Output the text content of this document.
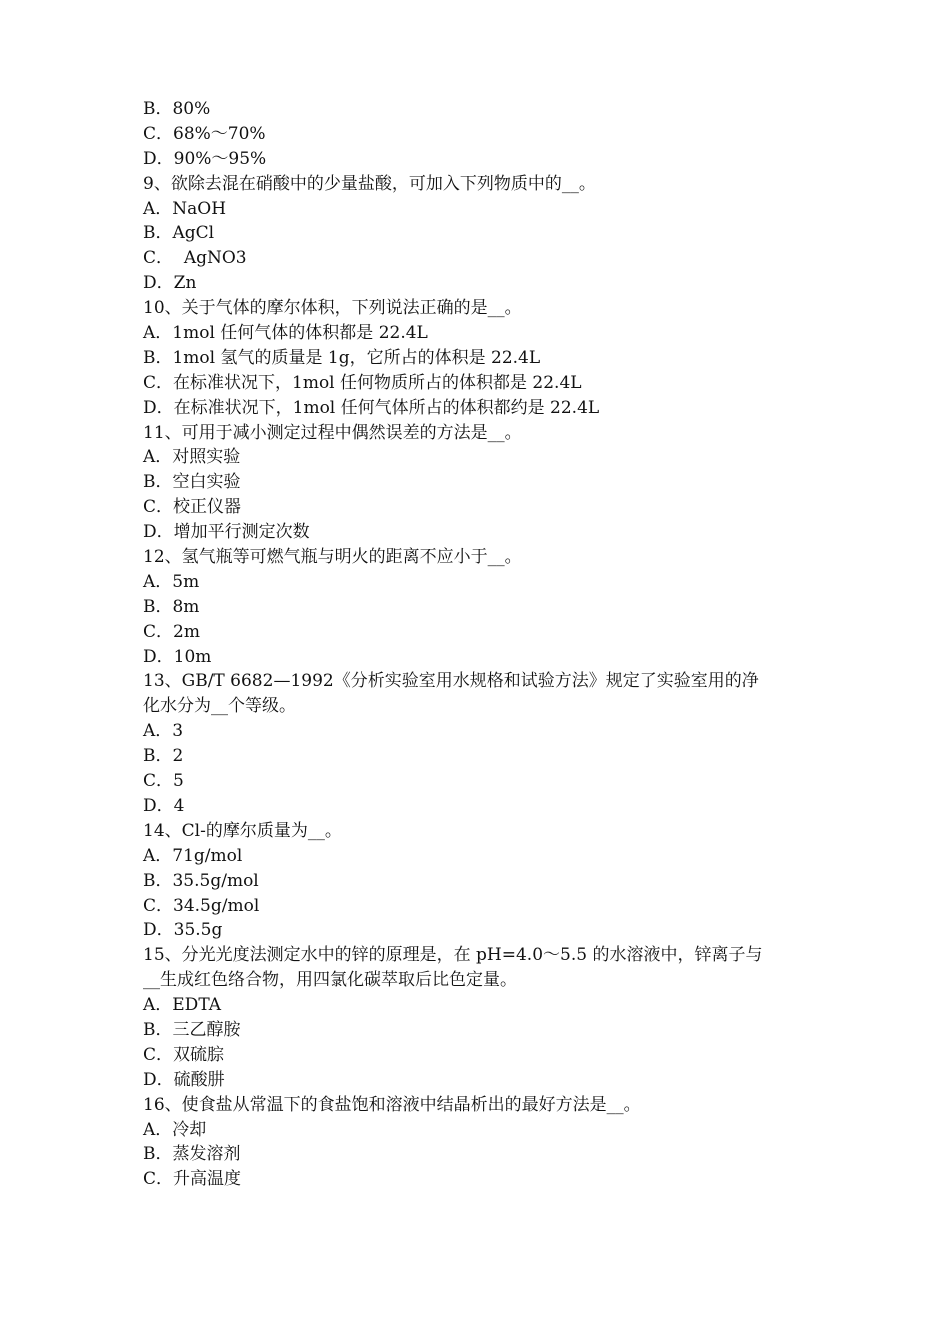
B．80%
C．68%～70%
D．90%～95%
9、欲除去混在硝酸中的少量盐酸，可加入下列物质中的__。
A．NaOH
B．AgCl
C．  AgNO3
D．Zn
10、关于气体的摩尔体积，下列说法正确的是__。
A．1mol 任何气体的体积都是 22.4L
B．1mol 氢气的质量是 1g，它所占的体积是 22.4L
C．在标准状况下，1mol 任何物质所占的体积都是 22.4L
D．在标准状况下，1mol 任何气体所占的体积都约是 22.4L
11、可用于减小测定过程中偶然误差的方法是__。
A．对照实验
B．空白实验
C．校正仪器
D．增加平行测定次数
12、氢气瓶等可燃气瓶与明火的距离不应小于__。
A．5m
B．8m
C．2m
D．10m
13、GB/T 6682—1992《分析实验室用水规格和试验方法》规定了实验室用的净
化水分为__个等级。
A．3
B．2
C．5
D．4
14、Cl-的摩尔质量为__。
A．71g/mol
B．35.5g/mol
C．34.5g/mol
D．35.5g
15、分光光度法测定水中的锌的原理是，在 pH=4.0～5.5 的水溶液中，锌离子与
__生成红色络合物，用四氯化碳萃取后比色定量。
A．EDTA
B．三乙醇胺
C．双硫腙
D．硫酸肼
16、使食盐从常温下的食盐饱和溶液中结晶析出的最好方法是__。
A．冷却
B．蒸发溶剂
C．升高温度
